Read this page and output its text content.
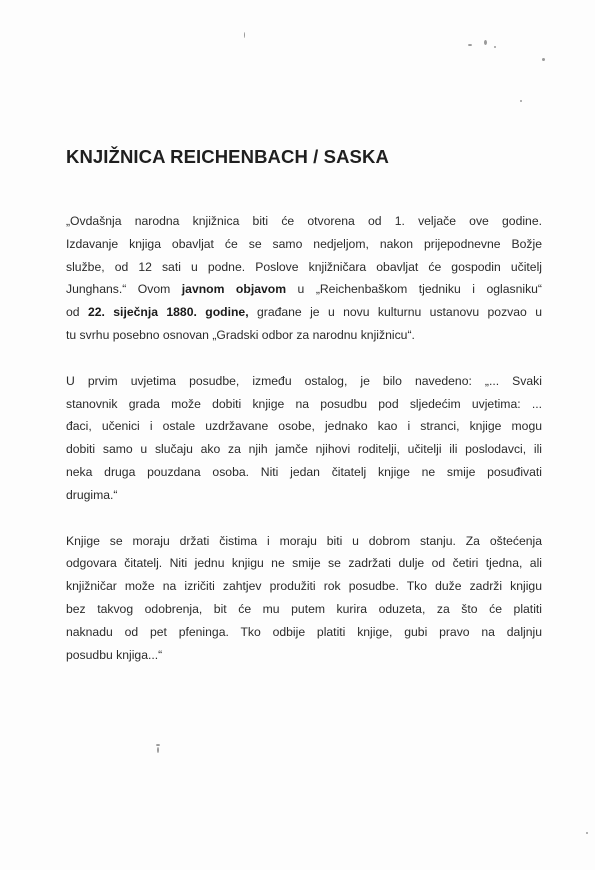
KNJIŽNICA REICHENBACH / SASKA

„Ovdašnja narodna knjižnica biti će otvorena od 1. veljače ove godine.
Izdavanje knjiga obavljat će se samo nedjeljom, nakon prijepodnevne Božje
službe, od 12 sati u podne. Poslove knjižničara obavljat će gospodin učitelj
Junghans.“ Ovom javnom objavom u „Reichenbaškom tjedniku i oglasniku“
od 22. siječnja 1880. godine, građane je u novu kulturnu ustanovu pozvao u
tu svrhu posebno osnovan „Gradski odbor za narodnu knjižnicu“.

U prvim uvjetima posudbe, između ostalog, je bilo navedeno: „... Svaki
stanovnik grada može dobiti knjige na posudbu pod sljedećim uvjetima: ...
đaci, učenici i ostale uzdržavane osobe, jednako kao i stranci, knjige mogu
dobiti samo u slučaju ako za njih jamče njihovi roditelji, učitelji ili poslodavci, ili
neka druga pouzdana osoba. Niti jedan čitatelj knjige ne smije posuđivati
drugima.“

Knjige se moraju držati čistima i moraju biti u dobrom stanju. Za oštećenja
odgovara čitatelj. Niti jednu knjigu ne smije se zadržati dulje od četiri tjedna, ali
knjižničar može na izričiti zahtjev produžiti rok posudbe. Tko duže zadrži knjigu
bez takvog odobrenja, bit će mu putem kurira oduzeta, za što će platiti
naknadu od pet pfeninga. Tko odbije platiti knjige, gubi pravo na daljnju
posudbu knjiga...“
